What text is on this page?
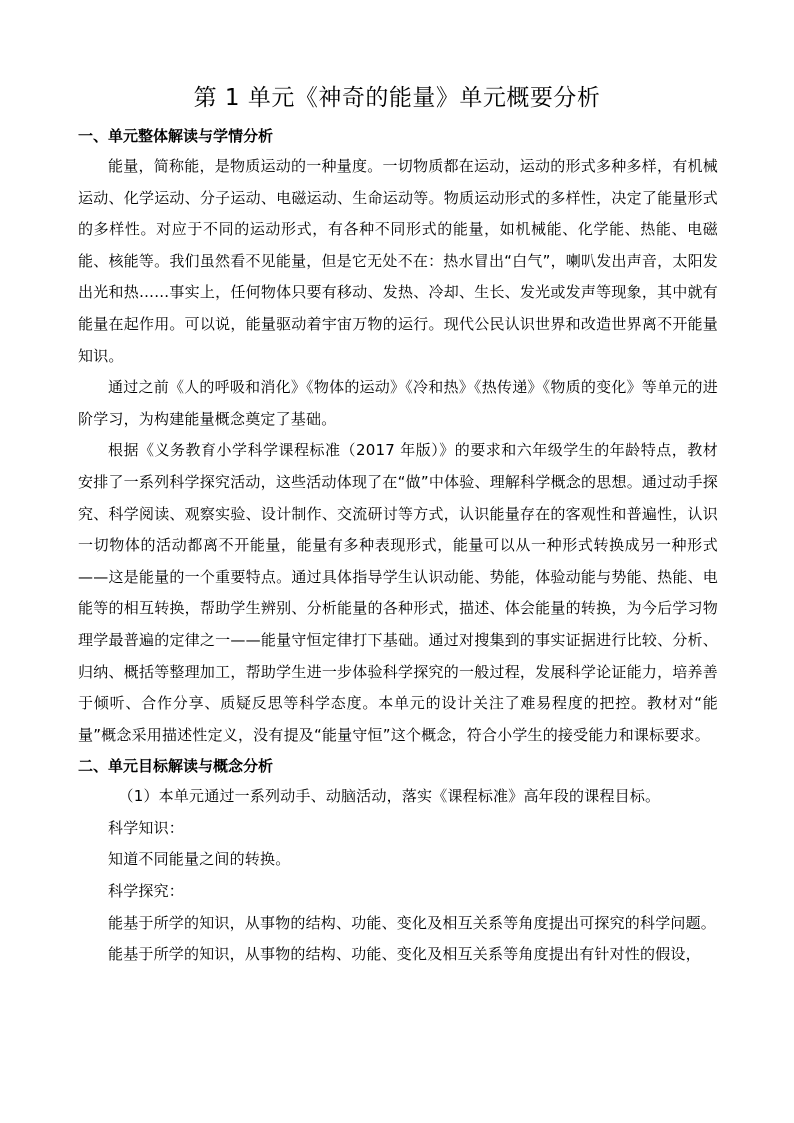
第 1 单元《神奇的能量》单元概要分析

一、单元整体解读与学情分析

能量，简称能，是物质运动的一种量度。一切物质都在运动，运动的形式多种多样，有机械运动、化学运动、分子运动、电磁运动、生命运动等。物质运动形式的多样性，决定了能量形式的多样性。对应于不同的运动形式，有各种不同形式的能量，如机械能、化学能、热能、电磁能、核能等。我们虽然看不见能量，但是它无处不在：热水冒出“白气”，喇叭发出声音，太阳发出光和热……事实上，任何物体只要有移动、发热、冷却、生长、发光或发声等现象，其中就有能量在起作用。可以说，能量驱动着宇宙万物的运行。现代公民认识世界和改造世界离不开能量知识。

通过之前《人的呼吸和消化》《物体的运动》《冷和热》《热传递》《物质的变化》等单元的进阶学习，为构建能量概念奠定了基础。

根据《义务教育小学科学课程标准（2017 年版）》的要求和六年级学生的年龄特点，教材安排了一系列科学探究活动，这些活动体现了在“做”中体验、理解科学概念的思想。通过动手探究、科学阅读、观察实验、设计制作、交流研讨等方式，认识能量存在的客观性和普遍性，认识一切物体的活动都离不开能量，能量有多种表现形式，能量可以从一种形式转换成另一种形式——这是能量的一个重要特点。通过具体指导学生认识动能、势能，体验动能与势能、热能、电能等的相互转换，帮助学生辨别、分析能量的各种形式，描述、体会能量的转换，为今后学习物理学最普遍的定律之一——能量守恒定律打下基础。通过对搜集到的事实证据进行比较、分析、归纳、概括等整理加工，帮助学生进一步体验科学探究的一般过程，发展科学论证能力，培养善于倾听、合作分享、质疑反思等科学态度。本单元的设计关注了难易程度的把控。教材对“能量”概念采用描述性定义，没有提及“能量守恒”这个概念，符合小学生的接受能力和课标要求。

二、单元目标解读与概念分析

（1）本单元通过一系列动手、动脑活动，落实《课程标准》高年段的课程目标。

科学知识：

知道不同能量之间的转换。

科学探究：

能基于所学的知识，从事物的结构、功能、变化及相互关系等角度提出可探究的科学问题。

能基于所学的知识，从事物的结构、功能、变化及相互关系等角度提出有针对性的假设，
